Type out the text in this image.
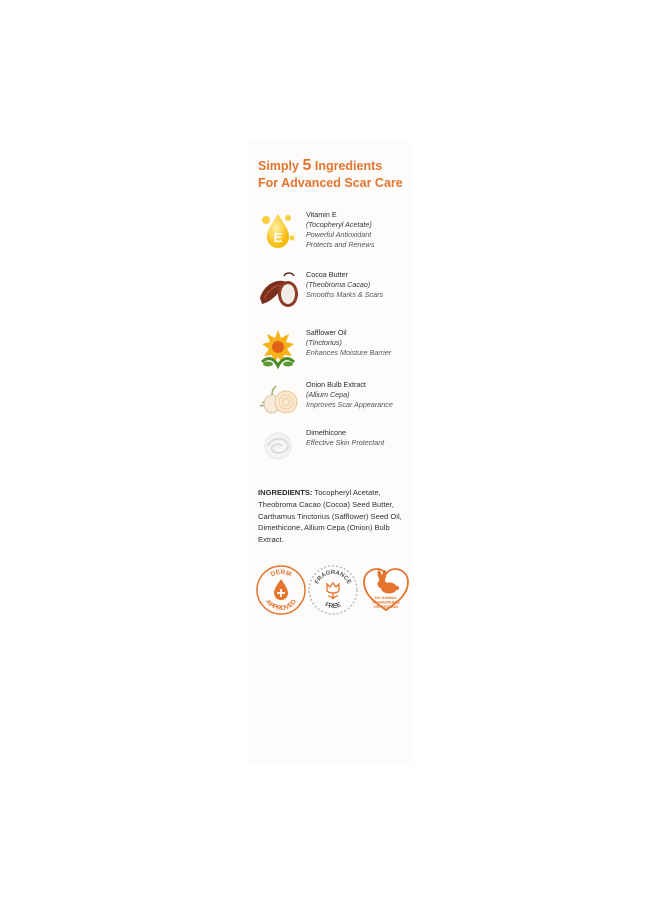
Simply 5 Ingredients
For Advanced Scar Care
E
Vitamin E
(Tocopheryl Acetate)
Powerful Antioxidant
Protects and Renews
Cocoa Butter
(Theobroma Cacao)
Smooths Marks & Scars
Safflower Oil
(Tinctorius)
Enhances Moisture Barrier
Onion Bulb Extract
(Allium Cepa)
Improves Scar Appearance
Dimethicone
Effective Skin Protectant
INGREDIENTS: Tocopheryl Acetate, Theobroma Cacao (Cocoa) Seed Butter, Carthamus Tinctorius (Safflower) Seed Oil, Dimethicone, Allium Cepa (Onion) Bulb Extract.
DERM
APPROVED
FRAGRANCE
FREE
NO ANIMAL
INGREDIENTS
OR TESTING
